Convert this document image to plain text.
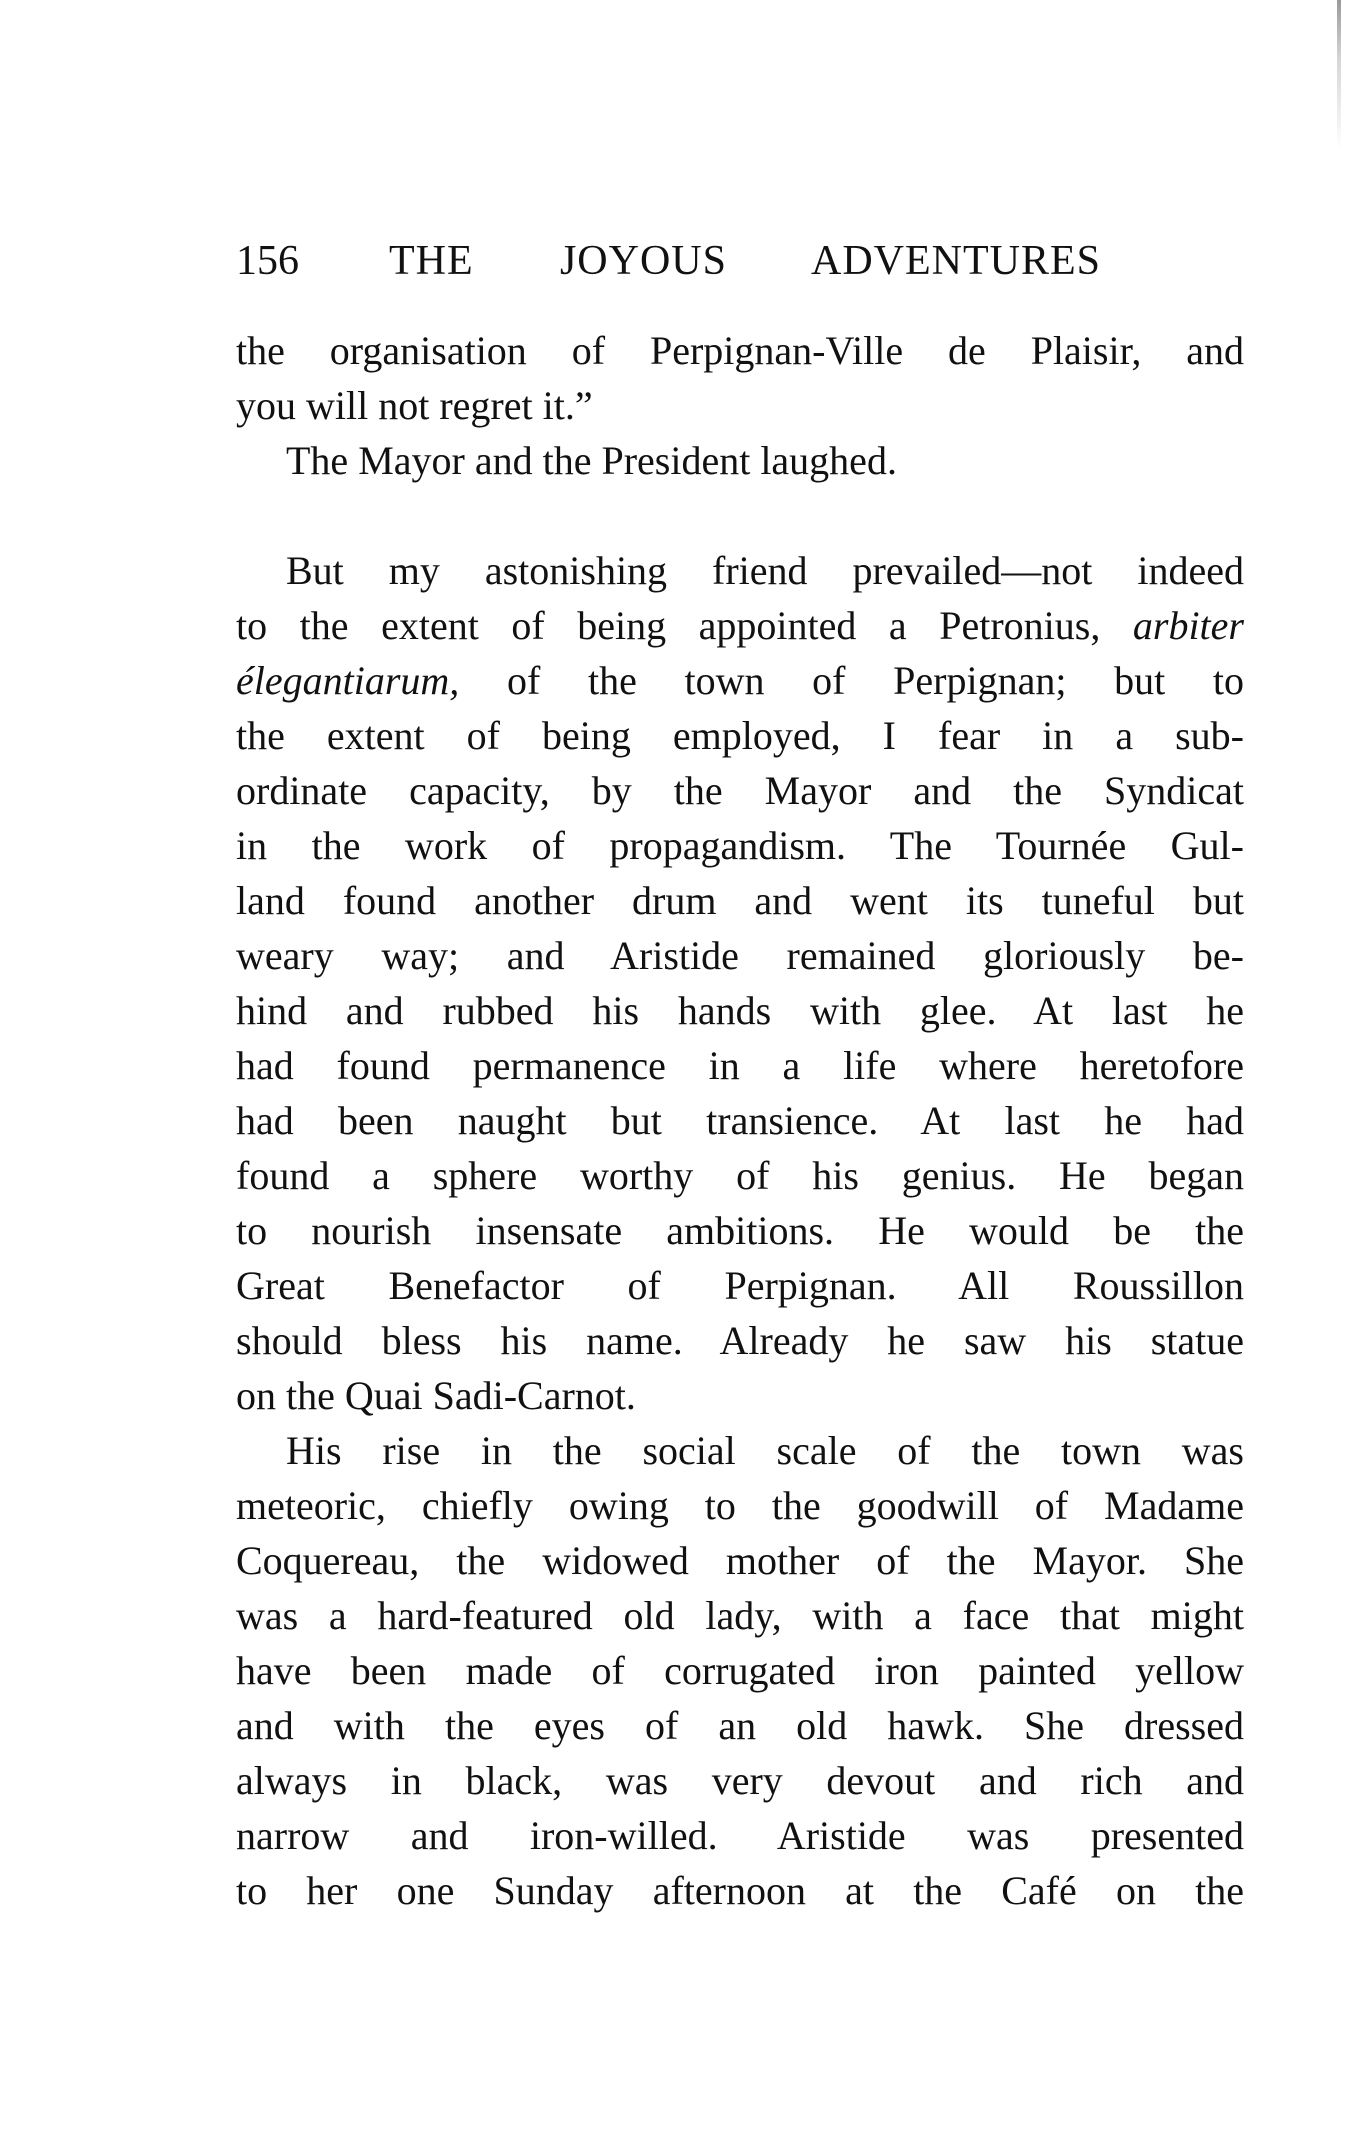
156 THE JOYOUS ADVENTURES
the organisation of Perpignan-Ville de Plaisir, and
you will not regret it.”
The Mayor and the President laughed.
But my astonishing friend prevailed—not indeed
to the extent of being appointed a Petronius, arbiter
élegantiarum, of the town of Perpignan; but to
the extent of being employed, I fear in a sub-
ordinate capacity, by the Mayor and the Syndicat
in the work of propagandism. The Tournée Gul-
land found another drum and went its tuneful but
weary way; and Aristide remained gloriously be-
hind and rubbed his hands with glee. At last he
had found permanence in a life where heretofore
had been naught but transience. At last he had
found a sphere worthy of his genius. He began
to nourish insensate ambitions. He would be the
Great Benefactor of Perpignan. All Roussillon
should bless his name. Already he saw his statue
on the Quai Sadi-Carnot.
His rise in the social scale of the town was
meteoric, chiefly owing to the goodwill of Madame
Coquereau, the widowed mother of the Mayor. She
was a hard-featured old lady, with a face that might
have been made of corrugated iron painted yellow
and with the eyes of an old hawk. She dressed
always in black, was very devout and rich and
narrow and iron-willed. Aristide was presented
to her one Sunday afternoon at the Café on the
